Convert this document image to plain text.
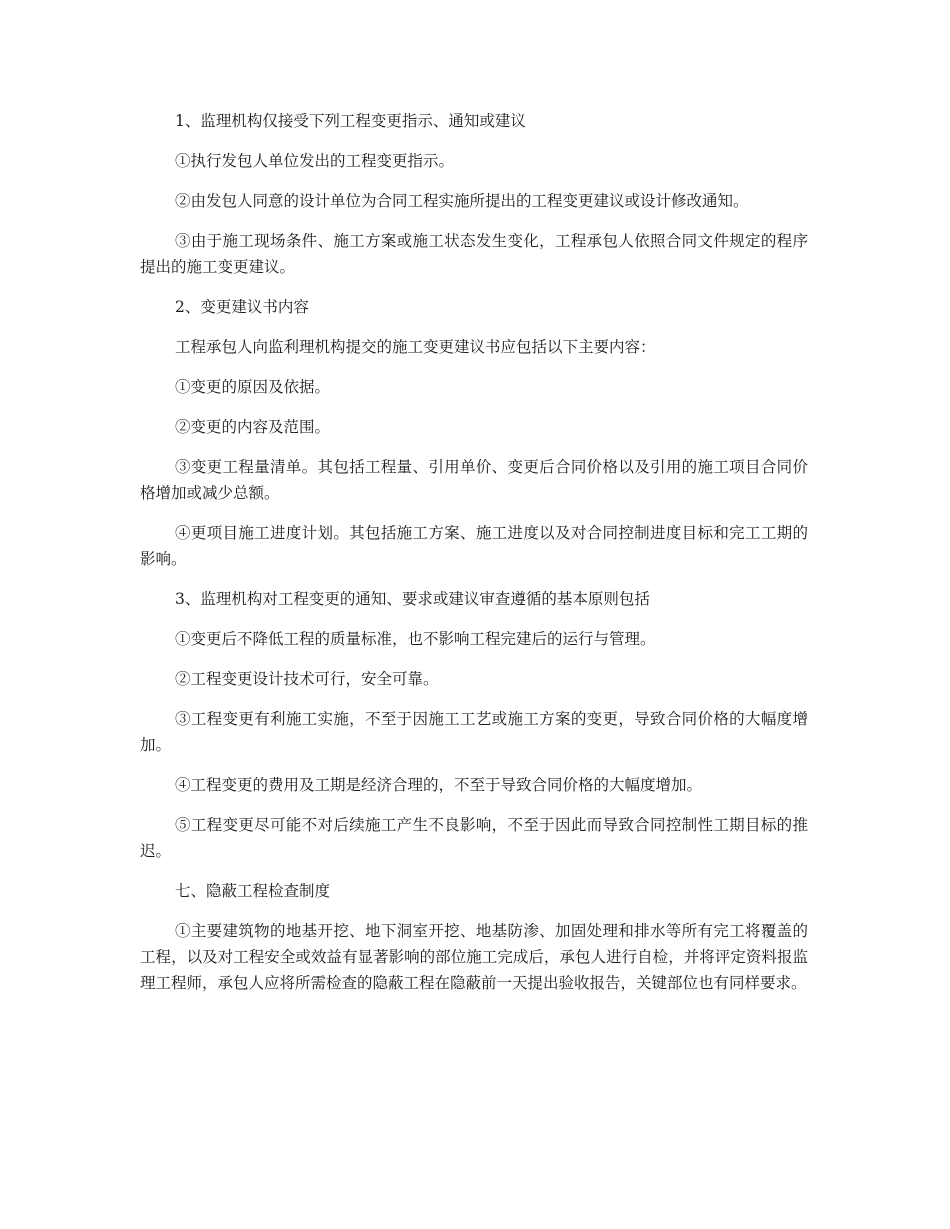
1、监理机构仅接受下列工程变更指示、通知或建议

①执行发包人单位发出的工程变更指示。

②由发包人同意的设计单位为合同工程实施所提出的工程变更建议或设计修改通知。

③由于施工现场条件、施工方案或施工状态发生变化，工程承包人依照合同文件规定的程序提出的施工变更建议。

2、变更建议书内容

工程承包人向监利理机构提交的施工变更建议书应包括以下主要内容：

①变更的原因及依据。

②变更的内容及范围。

③变更工程量清单。其包括工程量、引用单价、变更后合同价格以及引用的施工项目合同价格增加或减少总额。

④更项目施工进度计划。其包括施工方案、施工进度以及对合同控制进度目标和完工工期的影响。

3、监理机构对工程变更的通知、要求或建议审查遵循的基本原则包括

①变更后不降低工程的质量标准，也不影响工程完建后的运行与管理。

②工程变更设计技术可行，安全可靠。

③工程变更有利施工实施，不至于因施工工艺或施工方案的变更，导致合同价格的大幅度增加。

④工程变更的费用及工期是经济合理的，不至于导致合同价格的大幅度增加。

⑤工程变更尽可能不对后续施工产生不良影响，不至于因此而导致合同控制性工期目标的推迟。

七、隐蔽工程检查制度

①主要建筑物的地基开挖、地下洞室开挖、地基防渗、加固处理和排水等所有完工将覆盖的工程，以及对工程安全或效益有显著影响的部位施工完成后，承包人进行自检，并将评定资料报监理工程师，承包人应将所需检查的隐蔽工程在隐蔽前一天提出验收报告，关键部位也有同样要求。
